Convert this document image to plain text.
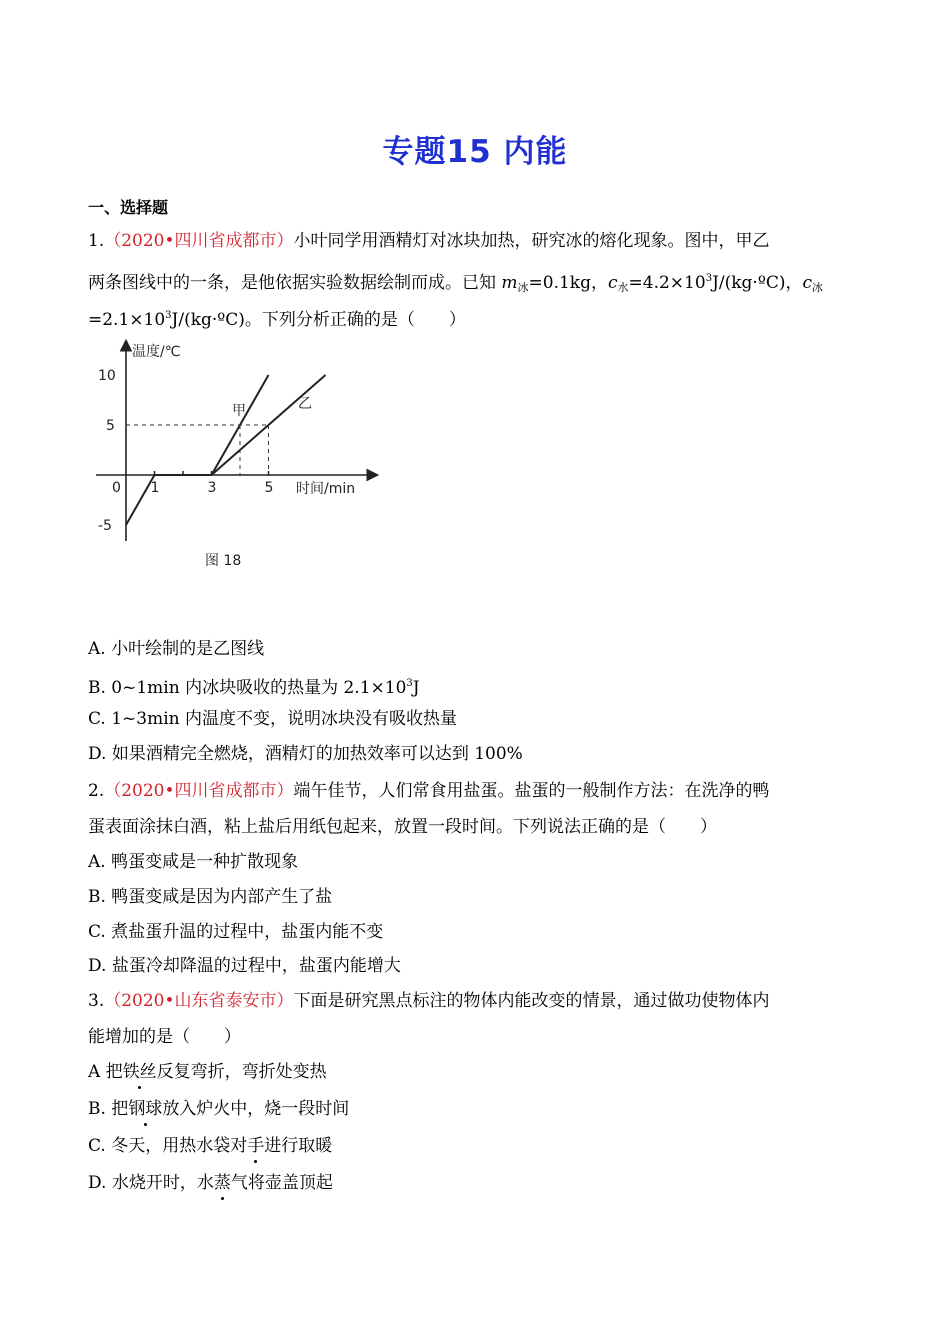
专题15 内能
一、选择题
1.（2020•四川省成都市）小叶同学用酒精灯对冰块加热，研究冰的熔化现象。图中，甲乙
两条图线中的一条，是他依据实验数据绘制而成。已知 $m_冰=0.1kg$，$c_水=4.2\times 10^3J/(kg\cdot ºC)$，$c_冰$
$=2.1\times 10^3J/(kg\cdot ºC)$。下列分析正确的是（　　）
温度/℃
时间/min
0 1	3	5
10
5
-5
甲	乙
图 18
A. 小叶绘制的是乙图线
B. 0~1min 内冰块吸收的热量为 $2.1\times 10^3J$
C. 1~3min 内温度不变，说明冰块没有吸收热量
D. 如果酒精完全燃烧，酒精灯的加热效率可以达到 100%
2.（2020•四川省成都市）端午佳节，人们常食用盐蛋。盐蛋的一般制作方法：在洗净的鸭
蛋表面涂抹白酒，粘上盐后用纸包起来，放置一段时间。下列说法正确的是（　　）
A. 鸭蛋变咸是一种扩散现象
B. 鸭蛋变咸是因为内部产生了盐
C. 煮盐蛋升温的过程中，盐蛋内能不变
D. 盐蛋冷却降温的过程中，盐蛋内能增大
3.（2020•山东省泰安市）下面是研究黑点标注的物体内能改变的情景，通过做功使物体内
能增加的是（　　）
A 把铁丝反复弯折，弯折处变热
B. 把钢球放入炉火中，烧一段时间
C. 冬天，用热水袋对手进行取暖
D. 水烧开时，水蒸气将壶盖顶起
